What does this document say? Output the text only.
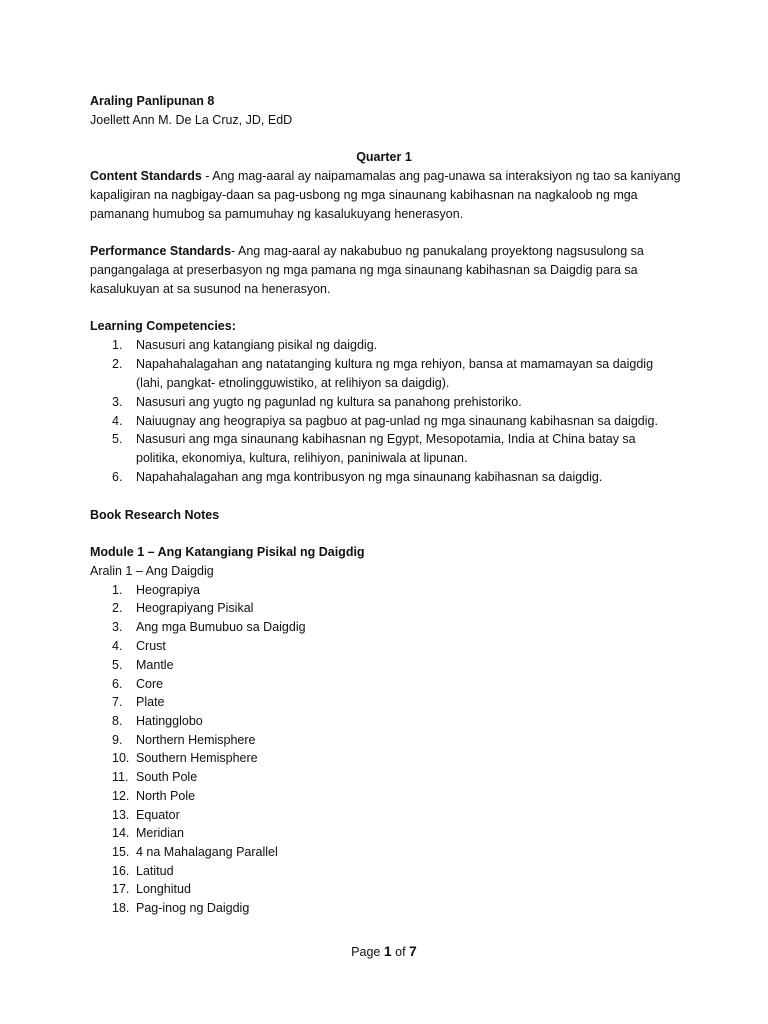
Araling Panlipunan 8
Joellett Ann M. De La Cruz, JD, EdD
Quarter 1
Content Standards - Ang mag-aaral ay naipamamalas ang pag-unawa sa interaksiyon ng tao sa kaniyang
kapaligiran na nagbigay-daan sa pag-usbong ng mga sinaunang kabihasnan na nagkaloob ng mga
pamanang humubog sa pamumuhay ng kasalukuyang henerasyon.
Performance Standards- Ang mag-aaral ay nakabubuo ng panukalang proyektong nagsusulong sa
pangangalaga at preserbasyon ng mga pamana ng mga sinaunang kabihasnan sa Daigdig para sa
kasalukuyan at sa susunod na henerasyon.
Learning Competencies:
1.	Nasusuri ang katangiang pisikal ng daigdig.
2.	Napahahalagahan ang natatanging kultura ng mga rehiyon, bansa at mamamayan sa daigdig
(lahi, pangkat- etnolingguwistiko, at relihiyon sa daigdig).
3.	Nasusuri ang yugto ng pagunlad ng kultura sa panahong prehistoriko.
4.	Naiuugnay ang heograpiya sa pagbuo at pag-unlad ng mga sinaunang kabihasnan sa daigdig.
5.	Nasusuri ang mga sinaunang kabihasnan ng Egypt, Mesopotamia, India at China batay sa
politika, ekonomiya, kultura, relihiyon, paniniwala at lipunan.
6.	Napahahalagahan ang mga kontribusyon ng mga sinaunang kabihasnan sa daigdig.
Book Research Notes
Module 1 – Ang Katangiang Pisikal ng Daigdig
Aralin 1 – Ang Daigdig
1.	Heograpiya
2.	Heograpiyang Pisikal
3.	Ang mga Bumubuo sa Daigdig
4.	Crust
5.	Mantle
6.	Core
7.	Plate
8.	Hatingglobo
9.	Northern Hemisphere
10. Southern Hemisphere
11. South Pole
12. North Pole
13. Equator
14. Meridian
15. 4 na Mahalagang Parallel
16. Latitud
17. Longhitud
18. Pag-inog ng Daigdig
Page 1 of 7
